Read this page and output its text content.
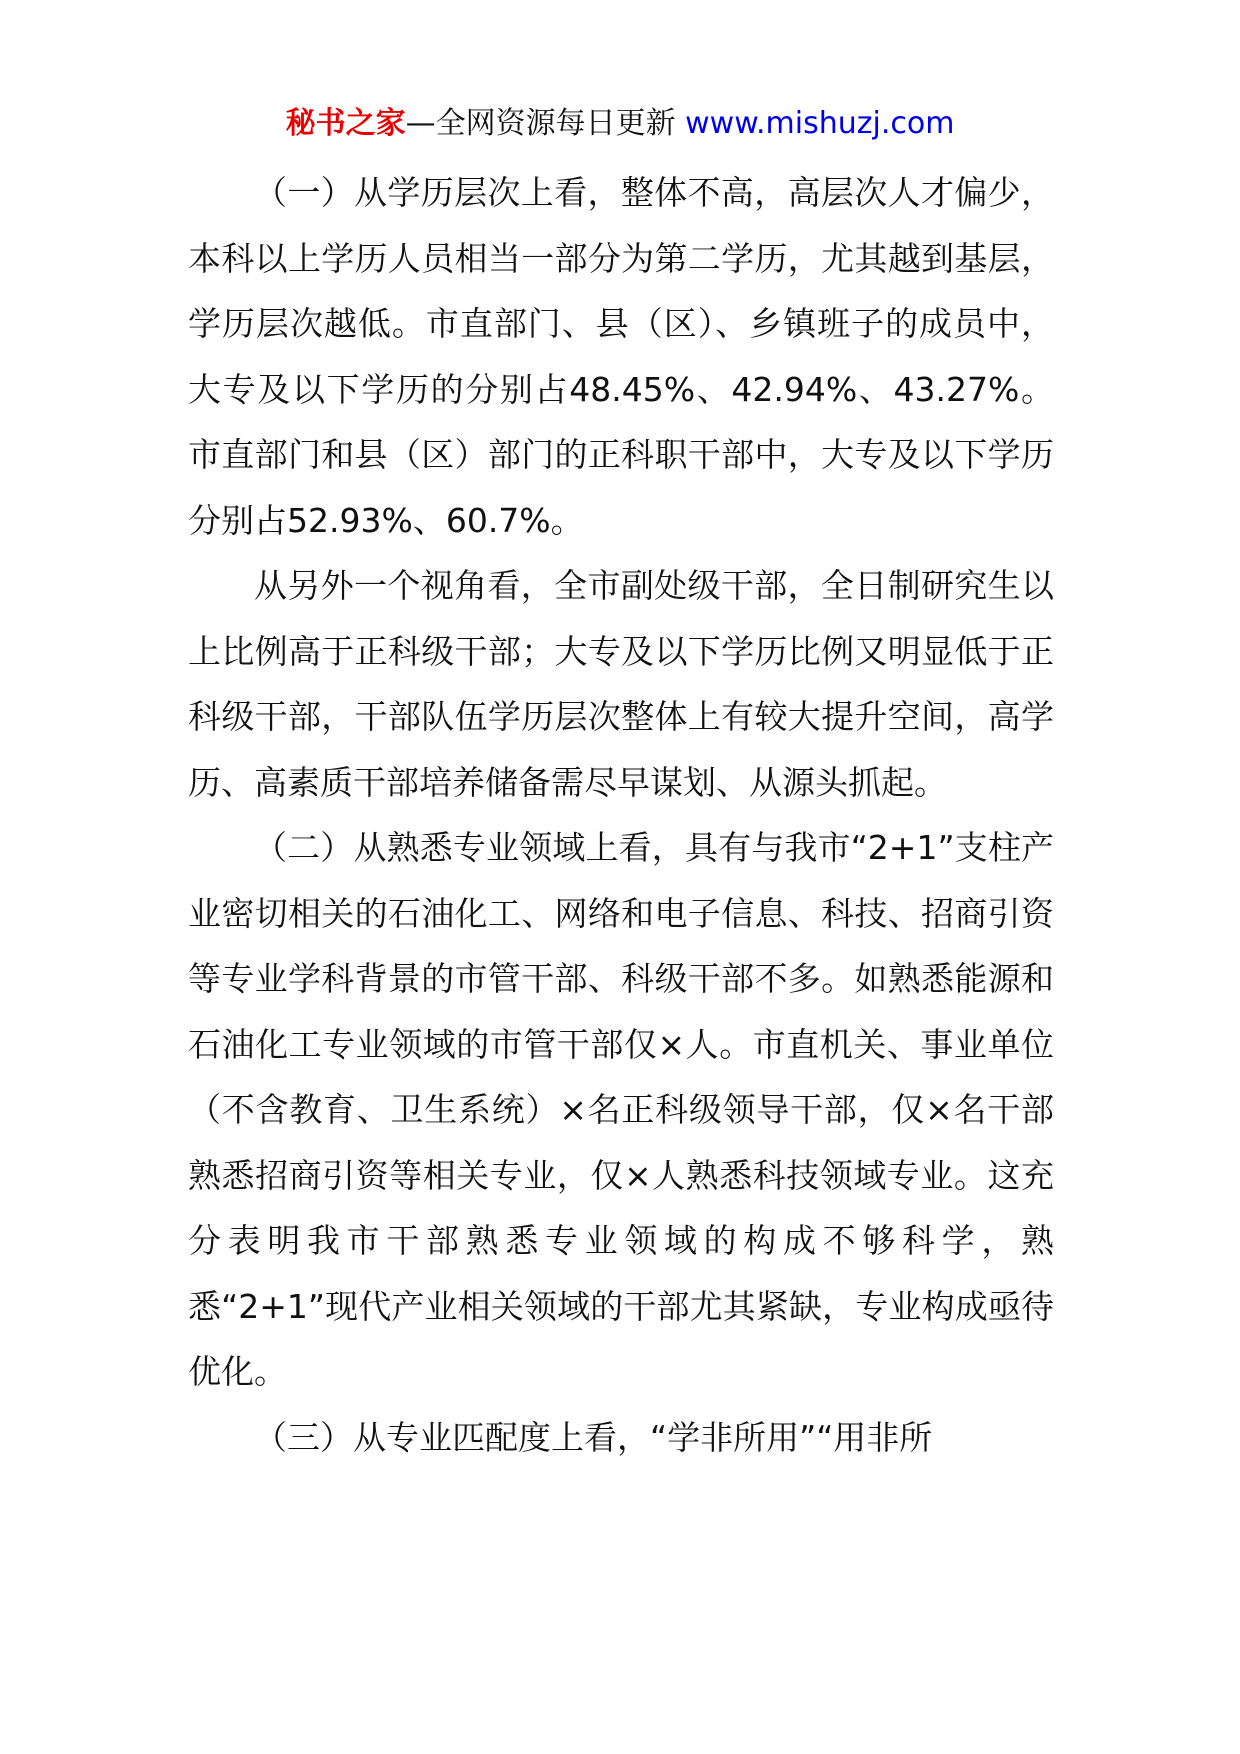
秘书之家—全网资源每日更新 www.mishuzj.com

（一）从学历层次上看，整体不高，高层次人才偏少，本科以上学历人员相当一部分为第二学历，尤其越到基层，学历层次越低。市直部门、县（区）、乡镇班子的成员中，大专及以下学历的分别占48.45%、42.94%、43.27%。市直部门和县（区）部门的正科职干部中，大专及以下学历分别占52.93%、60.7%。

从另外一个视角看，全市副处级干部，全日制研究生以上比例高于正科级干部；大专及以下学历比例又明显低于正科级干部，干部队伍学历层次整体上有较大提升空间，高学历、高素质干部培养储备需尽早谋划、从源头抓起。

（二）从熟悉专业领域上看，具有与我市“2+1”支柱产业密切相关的石油化工、网络和电子信息、科技、招商引资等专业学科背景的市管干部、科级干部不多。如熟悉能源和石油化工专业领域的市管干部仅×人。市直机关、事业单位（不含教育、卫生系统）×名正科级领导干部，仅×名干部熟悉招商引资等相关专业，仅×人熟悉科技领域专业。这充分表明我市干部熟悉专业领域的构成不够科学，熟悉“2+1”现代产业相关领域的干部尤其紧缺，专业构成亟待优化。

（三）从专业匹配度上看，“学非所用”“用非所
